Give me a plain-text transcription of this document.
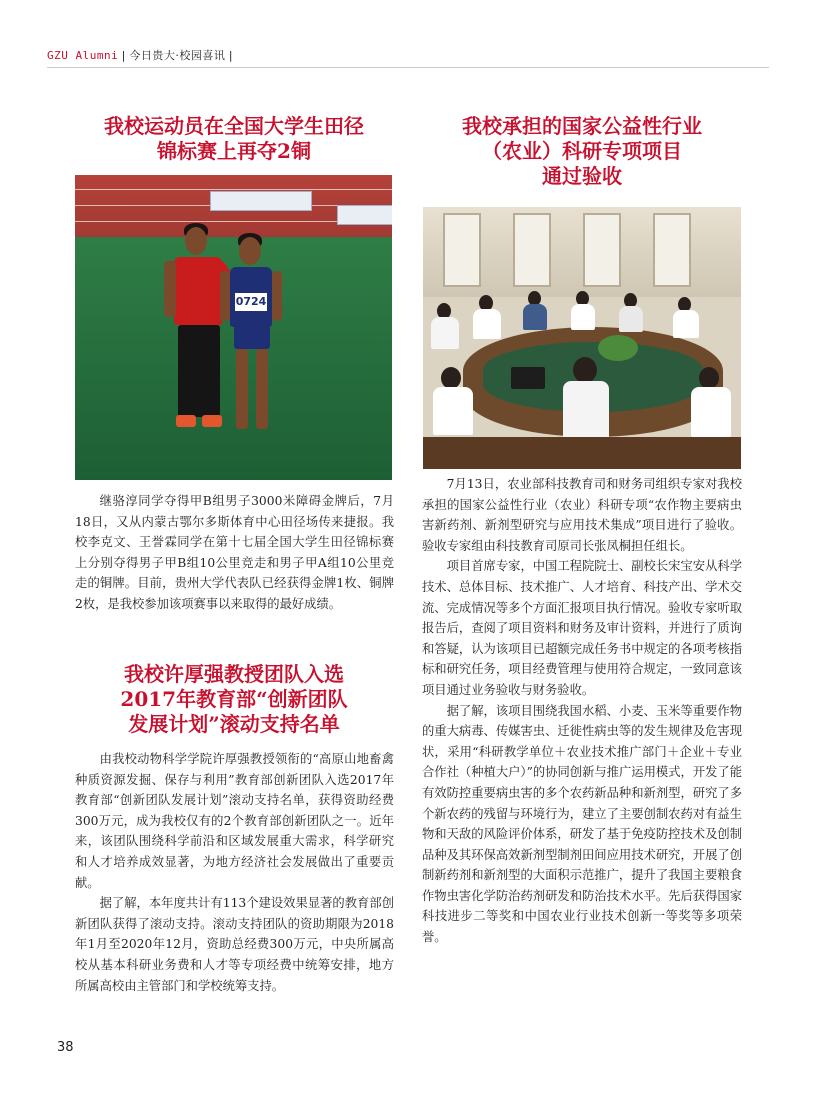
GZU Alumni | 今日贵大·校园喜讯 |
我校运动员在全国大学生田径
锦标赛上再夺2铜
0724

继骆淳同学夺得甲B组男子3000米障碍金牌后，7月18日，又从内蒙古鄂尔多斯体育中心田径场传来捷报。我校李克文、王誉霖同学在第十七届全国大学生田径锦标赛上分别夺得男子甲B组10公里竞走和男子甲A组10公里竞走的铜牌。目前，贵州大学代表队已经获得金牌1枚、铜牌2枚，是我校参加该项赛事以来取得的最好成绩。

我校许厚强教授团队入选
2017年教育部“创新团队
发展计划”滚动支持名单

由我校动物科学学院许厚强教授领衔的“高原山地畜禽种质资源发掘、保存与利用”教育部创新团队入选2017年教育部“创新团队发展计划”滚动支持名单，获得资助经费300万元，成为我校仅有的2个教育部创新团队之一。近年来，该团队围绕科学前沿和区域发展重大需求，科学研究和人才培养成效显著，为地方经济社会发展做出了重要贡献。

据了解，本年度共计有113个建设效果显著的教育部创新团队获得了滚动支持。滚动支持团队的资助期限为2018年1月至2020年12月，资助总经费300万元，中央所属高校从基本科研业务费和人才等专项经费中统筹安排，地方所属高校由主管部门和学校统筹支持。

我校承担的国家公益性行业
（农业）科研专项项目
通过验收

7月13日，农业部科技教育司和财务司组织专家对我校承担的国家公益性行业（农业）科研专项“农作物主要病虫害新药剂、新剂型研究与应用技术集成”项目进行了验收。验收专家组由科技教育司原司长张凤桐担任组长。

项目首席专家，中国工程院院士、副校长宋宝安从科学技术、总体目标、技术推广、人才培育、科技产出、学术交流、完成情况等多个方面汇报项目执行情况。验收专家听取报告后，查阅了项目资料和财务及审计资料，并进行了质询和答疑，认为该项目已超额完成任务书中规定的各项考核指标和研究任务，项目经费管理与使用符合规定，一致同意该项目通过业务验收与财务验收。

据了解，该项目围绕我国水稻、小麦、玉米等重要作物的重大病毒、传媒害虫、迁徙性病虫等的发生规律及危害现状，采用“科研教学单位＋农业技术推广部门＋企业＋专业合作社（种植大户）”的协同创新与推广运用模式，开发了能有效防控重要病虫害的多个农药新品种和新剂型，研究了多个新农药的残留与环境行为，建立了主要创制农药对有益生物和天敌的风险评价体系，研发了基于免疫防控技术及创制品种及其环保高效新剂型制剂田间应用技术研究，开展了创制新药剂和新剂型的大面积示范推广，提升了我国主要粮食作物虫害化学防治药剂研发和防治技术水平。先后获得国家科技进步二等奖和中国农业行业技术创新一等奖等多项荣誉。

38
